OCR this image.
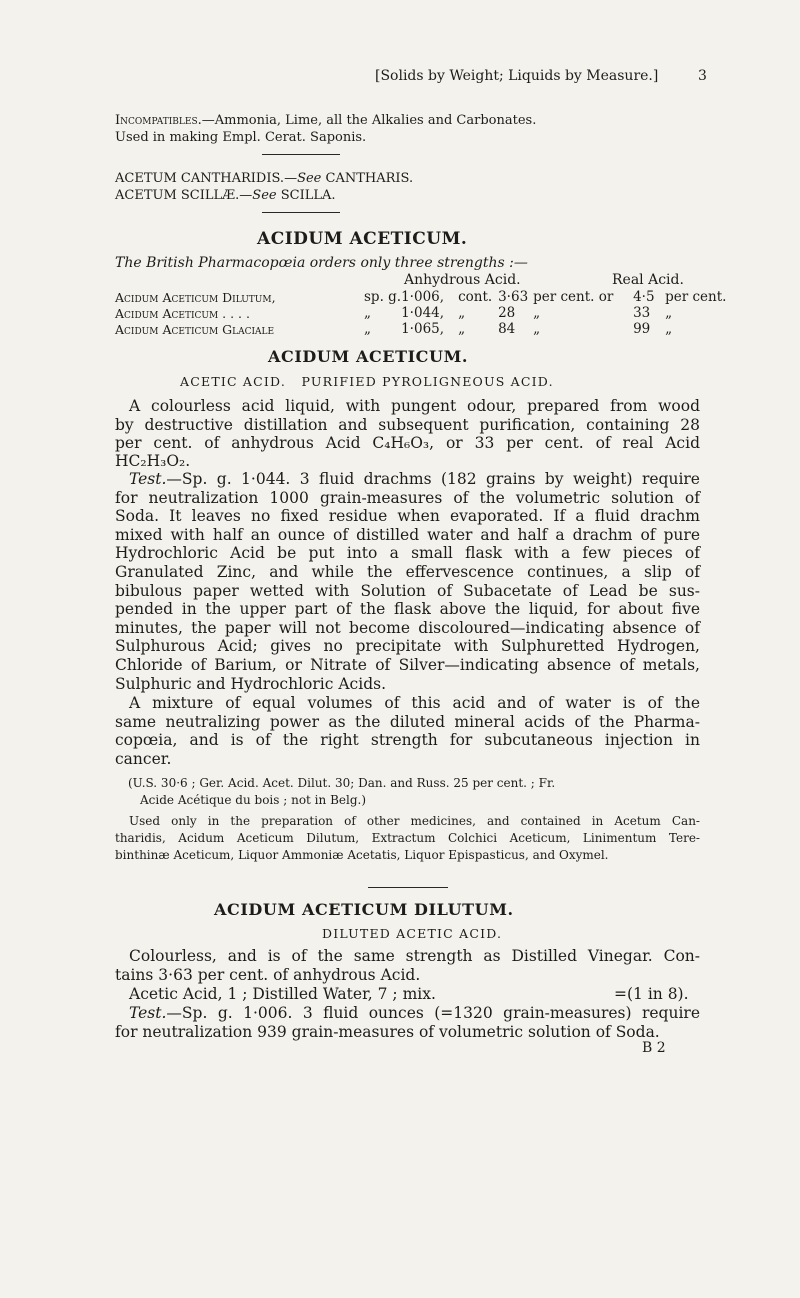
[Solids by Weight; Liquids by Measure.]	3
Incompatibles.—Ammonia, Lime, all the Alkalies and Carbonates.
Used in making Empl. Cerat. Saponis.
ACETUM CANTHARIDIS.—See CANTHARIS.
ACETUM SCILLÆ.—See SCILLA.
ACIDUM ACETICUM.
The British Pharmacopœia orders only three strengths :—
Anhydrous Acid.	Real Acid.
Acidum Aceticum Dilutum,	sp. g.	1·006,	cont.	3·63	per cent. or	4·5	per cent.
Acidum Aceticum . . . .	„	1·044,	„	28	„	33	„
Acidum Aceticum Glaciale	„	1·065,	„	84	„	99	„
ACIDUM ACETICUM.
ACETIC ACID.   PURIFIED PYROLIGNEOUS ACID.
A colourless acid liquid, with pungent odour, prepared from wood
by destructive distillation and subsequent purification, containing 28
per cent. of anhydrous Acid C₄H₆O₃, or 33 per cent. of real Acid
HC₂H₃O₂.
Test.—Sp. g. 1·044. 3 fluid drachms (182 grains by weight) require
for neutralization 1000 grain-measures of the volumetric solution of
Soda. It leaves no fixed residue when evaporated. If a fluid drachm
mixed with half an ounce of distilled water and half a drachm of pure
Hydrochloric Acid be put into a small flask with a few pieces of
Granulated Zinc, and while the effervescence continues, a slip of
bibulous paper wetted with Solution of Subacetate of Lead be sus-
pended in the upper part of the flask above the liquid, for about five
minutes, the paper will not become discoloured—indicating absence of
Sulphurous Acid; gives no precipitate with Sulphuretted Hydrogen,
Chloride of Barium, or Nitrate of Silver—indicating absence of metals,
Sulphuric and Hydrochloric Acids.
A mixture of equal volumes of this acid and of water is of the
same neutralizing power as the diluted mineral acids of the Pharma-
copœia, and is of the right strength for subcutaneous injection in
cancer.
(U.S. 30·6 ; Ger. Acid. Acet. Dilut. 30; Dan. and Russ. 25 per cent. ; Fr.
Acide Acétique du bois ; not in Belg.)
Used only in the preparation of other medicines, and contained in Acetum Can-
tharidis, Acidum Aceticum Dilutum, Extractum Colchici Aceticum, Linimentum Tere-
binthinæ Aceticum, Liquor Ammoniæ Acetatis, Liquor Epispasticus, and Oxymel.
ACIDUM ACETICUM DILUTUM.
DILUTED ACETIC ACID.
Colourless, and is of the same strength as Distilled Vinegar. Con-
tains 3·63 per cent. of anhydrous Acid.
Acetic Acid, 1 ; Distilled Water, 7 ; mix.	=(1 in 8).
Test.—Sp. g. 1·006. 3 fluid ounces (=1320 grain-measures) require
for neutralization 939 grain-measures of volumetric solution of Soda.
B 2
